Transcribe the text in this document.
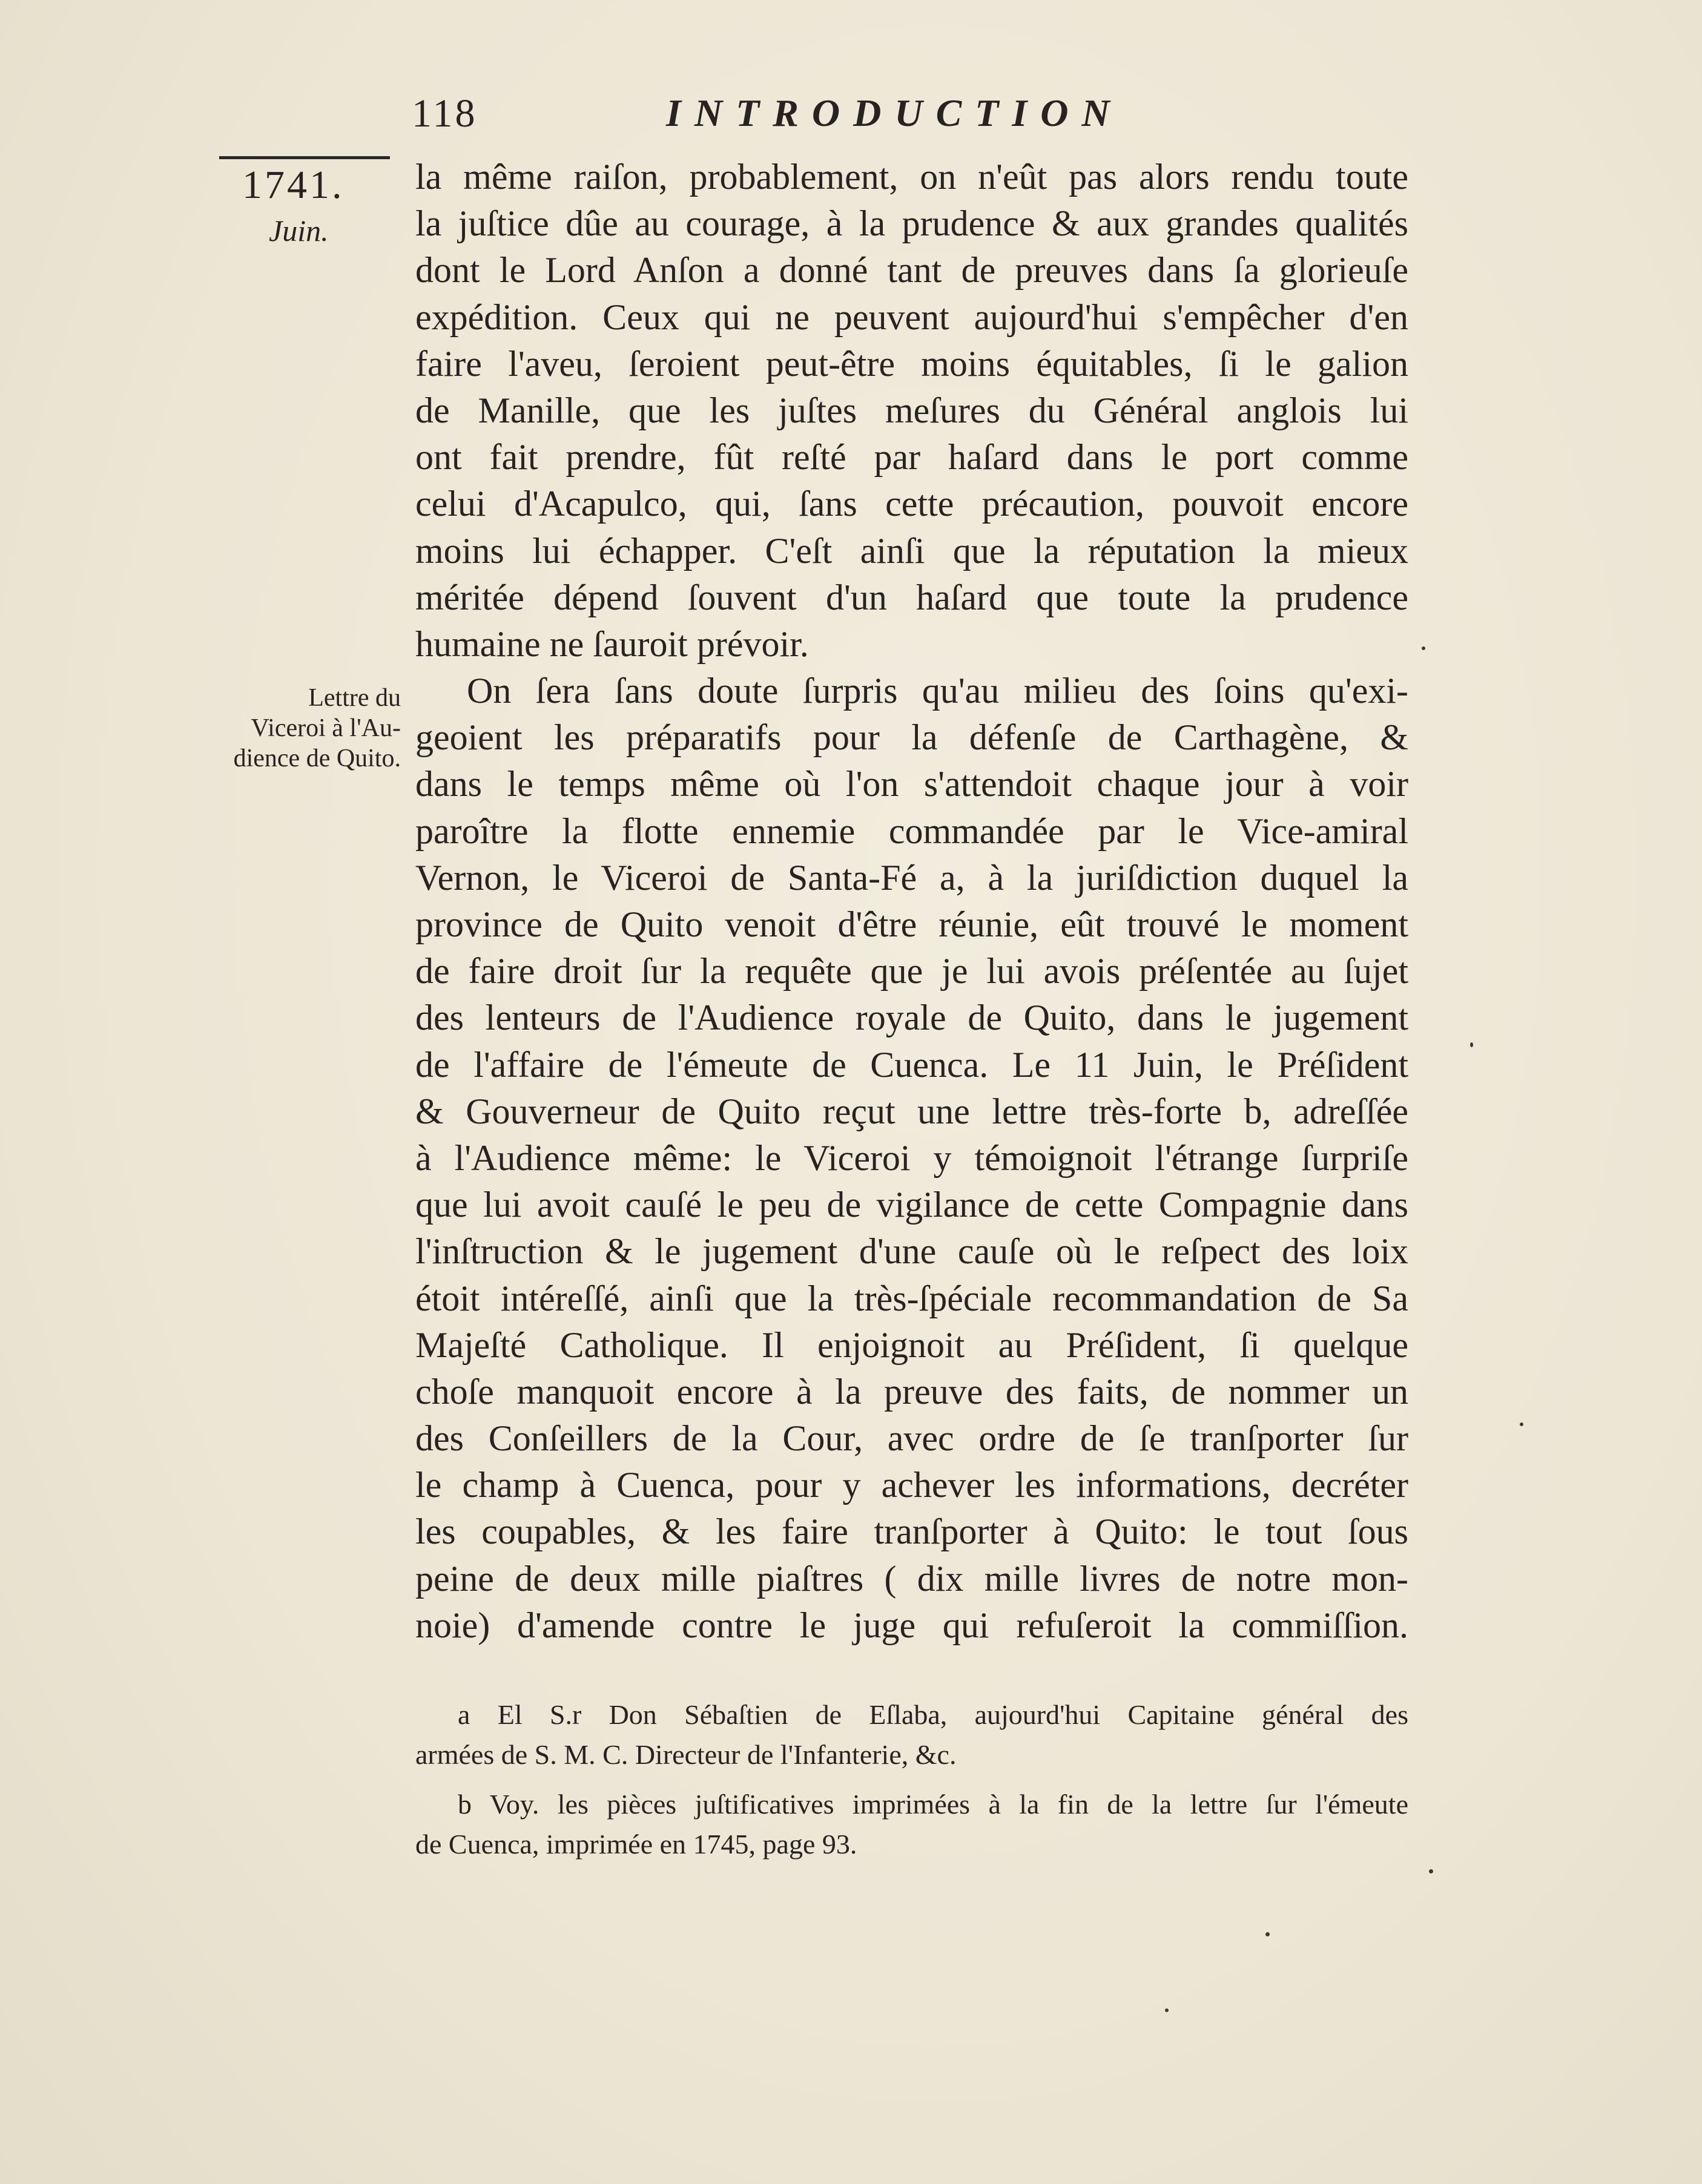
118	INTRODUCTION
1741.
Juin.
Lettre du
Viceroi à l'Au-
dience de Quito.
la même raiſon, probablement, on n'eût pas alors rendu toute
la juſtice dûe au courage, à la prudence & aux grandes qualités
dont le Lord Anſon a donné tant de preuves dans ſa glorieuſe
expédition. Ceux qui ne peuvent aujourd'hui s'empêcher d'en
faire l'aveu, ſeroient peut-être moins équitables, ſi le galion
de Manille, que les juſtes meſures du Général anglois lui
ont fait prendre, fût reſté par haſard dans le port comme
celui d'Acapulco, qui, ſans cette précaution, pouvoit encore
moins lui échapper. C'eſt ainſi que la réputation la mieux
méritée dépend ſouvent d'un haſard que toute la prudence
humaine ne ſauroit prévoir.
On ſera ſans doute ſurpris qu'au milieu des ſoins qu'exi-
geoient les préparatifs pour la défenſe de Carthagène, &
dans le temps même où l'on s'attendoit chaque jour à voir
paroître la flotte ennemie commandée par le Vice-amiral
Vernon, le Viceroi de Santa-Fé a, à la juriſdiction duquel la
province de Quito venoit d'être réunie, eût trouvé le moment
de faire droit ſur la requête que je lui avois préſentée au ſujet
des lenteurs de l'Audience royale de Quito, dans le jugement
de l'affaire de l'émeute de Cuenca. Le 11 Juin, le Préſident
& Gouverneur de Quito reçut une lettre très-forte b, adreſſée
à l'Audience même: le Viceroi y témoignoit l'étrange ſurpriſe
que lui avoit cauſé le peu de vigilance de cette Compagnie dans
l'inſtruction & le jugement d'une cauſe où le reſpect des loix
étoit intéreſſé, ainſi que la très-ſpéciale recommandation de Sa
Majeſté Catholique. Il enjoignoit au Préſident, ſi quelque
choſe manquoit encore à la preuve des faits, de nommer un
des Conſeillers de la Cour, avec ordre de ſe tranſporter ſur
le champ à Cuenca, pour y achever les informations, decréter
les coupables, & les faire tranſporter à Quito: le tout ſous
peine de deux mille piaſtres ( dix mille livres de notre mon-
noie) d'amende contre le juge qui refuſeroit la commiſſion.
a El S.r Don Sébaſtien de Eſlaba, aujourd'hui Capitaine général des
armées de S. M. C. Directeur de l'Infanterie, &c.
b Voy. les pièces juſtificatives imprimées à la fin de la lettre ſur l'émeute
de Cuenca, imprimée en 1745, page 93.
